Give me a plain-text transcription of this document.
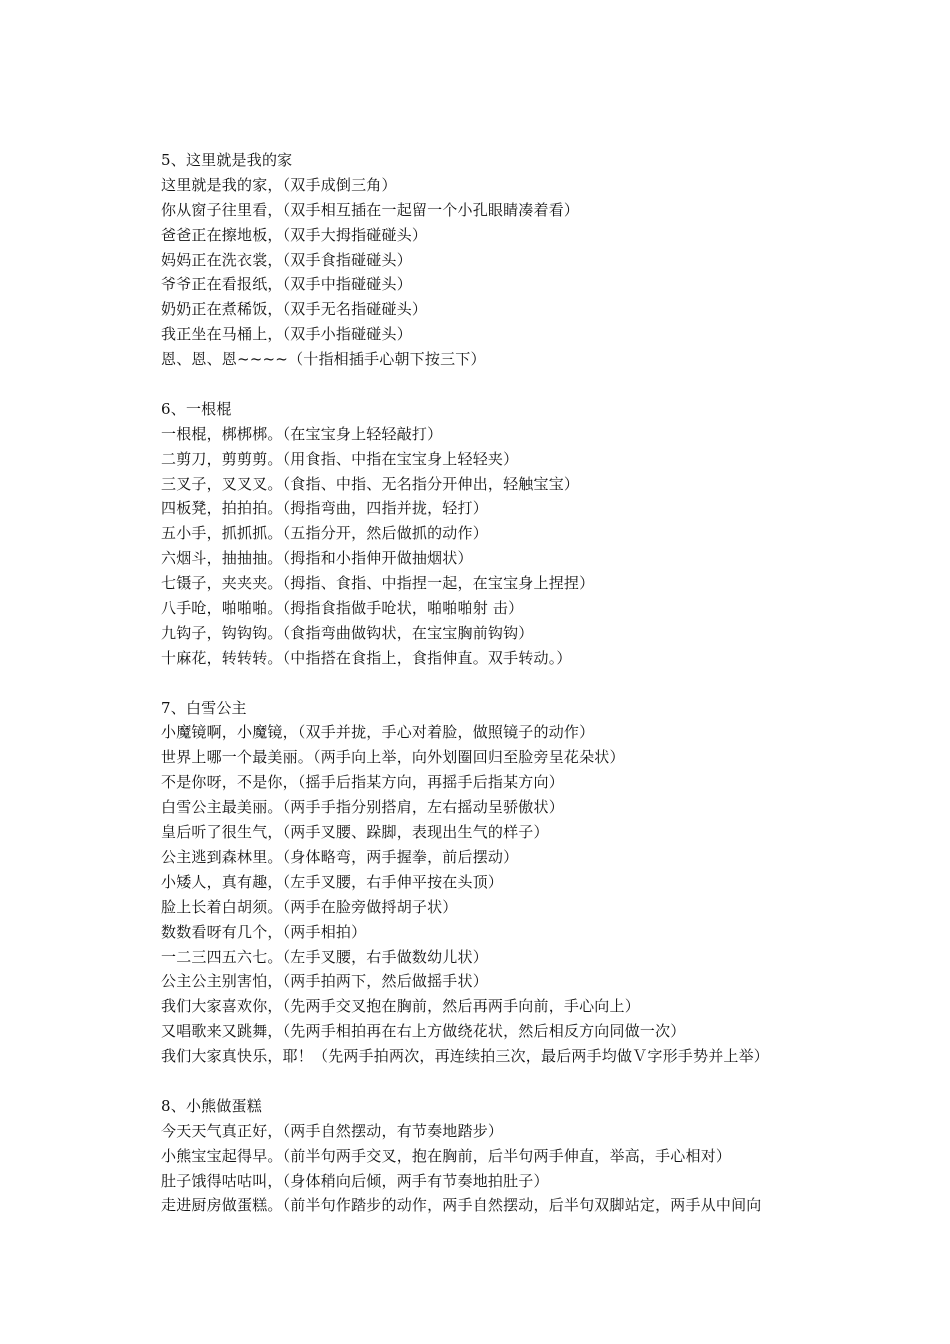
5、这里就是我的家
这里就是我的家，（双手成倒三角）
你从窗子往里看，（双手相互插在一起留一个小孔眼睛凑着看）
爸爸正在擦地板，（双手大拇指碰碰头）
妈妈正在洗衣裳，（双手食指碰碰头）
爷爷正在看报纸，（双手中指碰碰头）
奶奶正在煮稀饭，（双手无名指碰碰头）
我正坐在马桶上，（双手小指碰碰头）
恩、恩、恩~~~~（十指相插手心朝下按三下）
6、一根棍
一根棍，梆梆梆。（在宝宝身上轻轻敲打）
二剪刀，剪剪剪。（用食指、中指在宝宝身上轻轻夹）
三叉子，叉叉叉。（食指、中指、无名指分开伸出，轻触宝宝）
四板凳，拍拍拍。（拇指弯曲，四指并拢，轻打）
五小手，抓抓抓。（五指分开，然后做抓的动作）
六烟斗，抽抽抽。（拇指和小指伸开做抽烟状）
七镊子，夹夹夹。（拇指、食指、中指捏一起，在宝宝身上捏捏）
八手呛，啪啪啪。（拇指食指做手呛状，啪啪啪射 击）
九钩子，钩钩钩。（食指弯曲做钩状，在宝宝胸前钩钩）
十麻花，转转转。（中指搭在食指上，食指伸直。双手转动。）
7、白雪公主
小魔镜啊，小魔镜，（双手并拢，手心对着脸，做照镜子的动作）
世界上哪一个最美丽。（两手向上举，向外划圈回归至脸旁呈花朵状）
不是你呀，不是你，（摇手后指某方向，再摇手后指某方向）
白雪公主最美丽。（两手手指分别搭肩，左右摇动呈骄傲状）
皇后听了很生气，（两手叉腰、跺脚，表现出生气的样子）
公主逃到森林里。（身体略弯，两手握拳，前后摆动）
小矮人，真有趣，（左手叉腰，右手伸平按在头顶）
脸上长着白胡须。（两手在脸旁做捋胡子状）
数数看呀有几个，（两手相拍）
一二三四五六七。（左手叉腰，右手做数幼儿状）
公主公主别害怕，（两手拍两下，然后做摇手状）
我们大家喜欢你，（先两手交叉抱在胸前，然后再两手向前，手心向上）
又唱歌来又跳舞，（先两手相拍再在右上方做绕花状，然后相反方向同做一次）
我们大家真快乐，耶！（先两手拍两次，再连续拍三次，最后两手均做Ｖ字形手势并上举）
8、小熊做蛋糕
今天天气真正好，（两手自然摆动，有节奏地踏步）
小熊宝宝起得早。（前半句两手交叉，抱在胸前，后半句两手伸直，举高，手心相对）
肚子饿得咕咕叫，（身体稍向后倾，两手有节奏地拍肚子）
走进厨房做蛋糕。（前半句作踏步的动作，两手自然摆动，后半句双脚站定，两手从中间向
